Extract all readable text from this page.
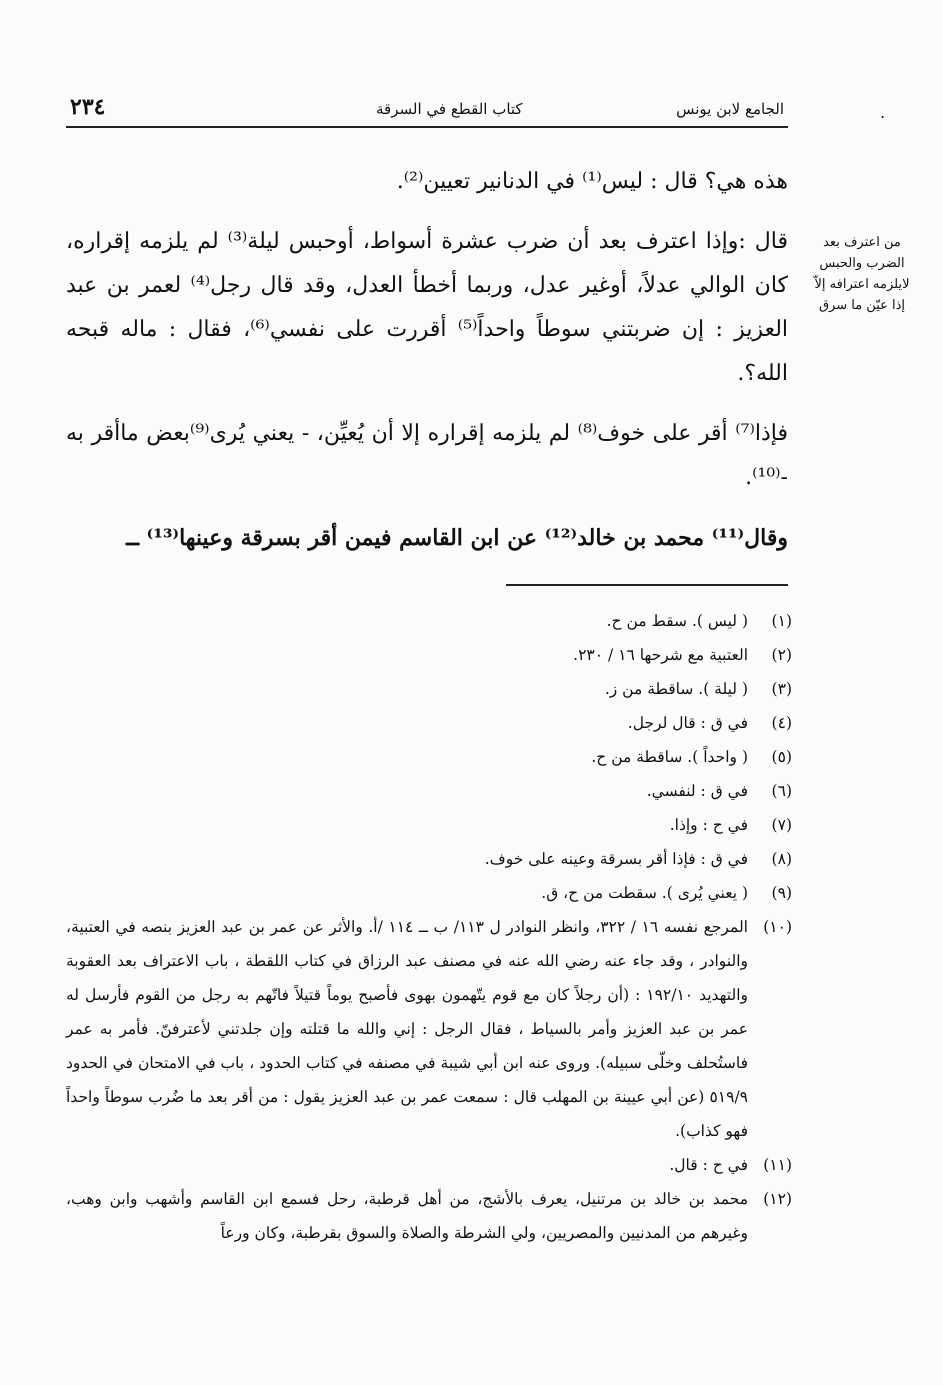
٢٣٤	كتاب القطع في السرقة	الجامع لابن يونس	.
من اعترف بعد
الضرب والحبس
لايلزمه اعترافه إلاّ
إذا عيّن ما سرق

هذه هي؟ قال : ليس⁽¹⁾ في الدنانير تعيين⁽²⁾.

قال :وإذا اعترف بعد أن ضرب عشرة أسواط، أوحبس ليلة⁽³⁾ لم يلزمه إقراره، كان الوالي عدلاً، أوغير عدل، وربما أخطأ العدل، وقد قال رجل⁽⁴⁾ لعمر بن عبد العزيز : إن ضربتني سوطاً واحداً⁽⁵⁾ أقررت على نفسي⁽⁶⁾، فقال : ماله قبحه الله؟.

فإذا⁽⁷⁾ أقر على خوف⁽⁸⁾ لم يلزمه إقراره إلا أن يُعيِّن، - يعني يُرى⁽⁹⁾بعض ماأقر به -⁽¹⁰⁾.

وقال⁽¹¹⁾ محمد بن خالد⁽¹²⁾ عن ابن القاسم فيمن أقر بسرقة وعينها⁽¹³⁾ ــ

(١)
( ليس ). سقط من ح.
(٢)
العتبية مع شرحها ١٦ / ٢٣٠.
(٣)
( ليلة ). ساقطة من ز.
(٤)
في ق : قال لرجل.
(٥)
( واحداً ). ساقطة من ح.
(٦)
في ق : لنفسي.
(٧)
في ح : وإذا.
(٨)
في ق : فإذا أقر بسرقة وعينه على خوف.
(٩)
( يعني يُرى ). سقطت من ح، ق.
(١٠)
المرجع نفسه ١٦ / ٣٢٢، وانظر النوادر ل ١١٣/ ب ــ ١١٤ /أ. والأثر عن عمر بن عبد العزيز بنصه في العتبية، والنوادر ، وقد جاء عنه رضي الله عنه في مصنف عبد الرزاق في كتاب اللقطة ، باب الاعتراف بعد العقوبة والتهديد ١٩٢/١٠ : (أن رجلاً كان مع قوم يتّهمون بهوى فأصبح يوماً قتيلاً فاتّهم به رجل من القوم فأرسل له عمر بن عبد العزيز وأمر بالسياط ، فقال الرجل : إني والله ما قتلته وإن جلدتني لأعترفنّ. فأمر به عمر فاستُحلف وخلّى سبيله). وروى عنه ابن أبي شيبة في مصنفه في كتاب الحدود ، باب في الامتحان في الحدود ٥١٩/٩ (عن أبي عيينة بن المهلب قال : سمعت عمر بن عبد العزيز يقول : من أقر بعد ما ضُرب سوطاً واحداً فهو كذاب).
(١١)
في ح : قال.
(١٢)
محمد بن خالد بن مرتنيل، يعرف بالأشج، من أهل قرطبة، رحل فسمع ابن القاسم وأشهب وابن وهب، وغيرهم من المدنيين والمصريين، ولي الشرطة والصلاة والسوق بقرطبة، وكان ورعاً
